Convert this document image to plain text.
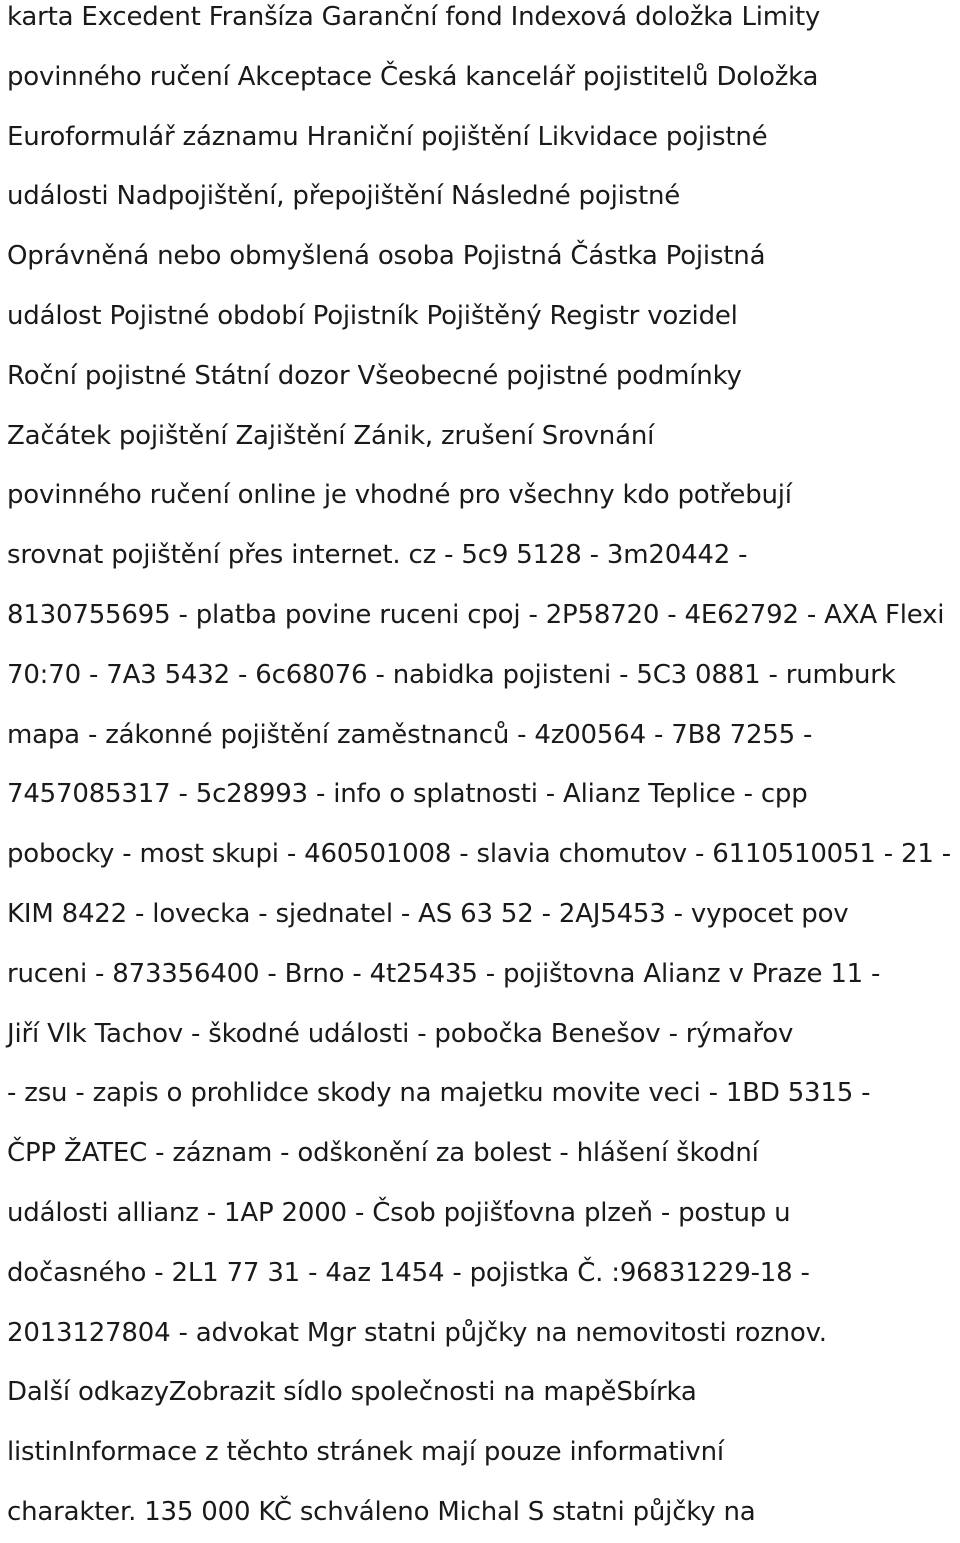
karta Excedent Franšíza Garanční fond Indexová doložka Limity
povinného ručení Akceptace Česká kancelář pojistitelů Doložka
Euroformulář záznamu Hraniční pojištění Likvidace pojistné
události Nadpojištění, přepojištění Následné pojistné
Oprávněná nebo obmyšlená osoba Pojistná Částka Pojistná
událost Pojistné období Pojistník Pojištěný Registr vozidel
Roční pojistné Státní dozor Všeobecné pojistné podmínky
Začátek pojištění Zajištění Zánik, zrušení Srovnání
povinného ručení online je vhodné pro všechny kdo potřebují
srovnat pojištění přes internet. cz - 5c9 5128 - 3m20442 -
8130755695 - platba povine ruceni cpoj - 2P58720 - 4E62792 - AXA Flexi
70:70 - 7A3 5432 - 6c68076 - nabidka pojisteni - 5C3 0881 - rumburk
mapa - zákonné pojištění zaměstnanců - 4z00564 - 7B8 7255 -
7457085317 - 5c28993 - info o splatnosti - Alianz Teplice - cpp
pobocky - most skupi - 460501008 - slavia chomutov - 6110510051 - 21 -
KIM 8422 - lovecka - sjednatel - AS 63 52 - 2AJ5453 - vypocet pov
ruceni - 873356400 - Brno - 4t25435 - pojištovna Alianz v Praze 11 -
Jiří Vlk Tachov - škodné události - pobočka Benešov - rýmařov
- zsu - zapis o prohlidce skody na majetku movite veci - 1BD 5315 -
ČPP ŽATEC - záznam - odškonění za bolest - hlášení škodní
události allianz - 1AP 2000 - Čsob pojišťovna plzeň - postup u
dočasného - 2L1 77 31 - 4az 1454 - pojistka Č. :96831229-18 -
2013127804 - advokat Mgr statni půjčky na nemovitosti roznov.
Další odkazyZobrazit sídlo společnosti na mapěSbírka
listinInformace z těchto stránek mají pouze informativní
charakter. 135 000 KČ schváleno Michal S statni půjčky na
